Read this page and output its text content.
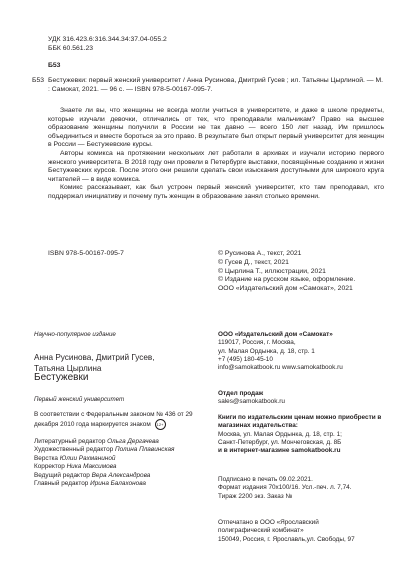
УДК 316.423.6:316.344.34:37.04-055.2
ББК 60.561.23
Б53
Б53 Бестужевки: первый женский университет / Анна Русинова, Дмитрий Гусев ; ил. Татьяны Цырлиной. — М. : Самокат, 2021. — 96 с. — ISBN 978-5-00167-095-7.

Знаете ли вы, что женщины не всегда могли учиться в университете, и даже в школе предметы, которые изучали девочки, отличались от тех, что преподавали мальчикам? Право на высшее образование женщины получили в России не так давно — всего 150 лет назад. Им пришлось объединиться и вместе бороться за это право. В результате был открыт первый университет для женщин в России — Бестужевские курсы.

Авторы комикса на протяжении нескольких лет работали в архивах и изучали историю первого женского университета. В 2018 году они провели в Петербурге выставки, посвящённые созданию и жизни Бестужевских курсов. После этого они решили сделать свои изыскания доступными для широкого круга читателей — в виде комикса.

Комикс рассказывает, как был устроен первый женский университет, кто там преподавал, кто поддержал инициативу и почему путь женщин в образование занял столько времени.

ISBN 978-5-00167-095-7	© Русинова А., текст, 2021
© Гусев Д., текст, 2021
© Цырлина Т., иллюстрации, 2021
© Издание на русском языке, оформление.
ООО «Издательский дом «Самокат», 2021
Научно-популярное издание
Анна Русинова, Дмитрий Гусев,
Татьяна Цырлина
Бестужевки
Первый женский университет
В соответствии с Федеральным законом № 436 от 29 декабря 2010 года маркируется знаком 12+
Литературный редактор Ольга Дергачева
Художественный редактор Полина Плавинская
Верстка Юлии Рахманиной
Корректор Ника Максимова
Ведущий редактор Вера Александрова
Главный редактор Ирина Балахонова
ООО «Издательский дом «Самокат»
119017, Россия, г. Москва,
ул. Малая Ордынка, д. 18, стр. 1
+7 (495) 180-45-10
info@samokatbook.ru www.samokatbook.ru
Отдел продаж
sales@samokatbook.ru
Книги по издательским ценам можно приобрести в магазинах издательства:
Москва, ул. Малая Ордынка, д. 18, стр. 1;
Санкт-Петербург, ул. Мончеговская, д. 8Б
и в интернет-магазине samokatbook.ru
Подписано в печать 09.02.2021.
Формат издания 70x100/16. Усл.-печ. л. 7,74.
Тираж 2200 экз. Заказ №
Отпечатано в ООО «Ярославский
полиграфический комбинат»
150049, Россия, г. Ярославль,ул. Свободы, 97
